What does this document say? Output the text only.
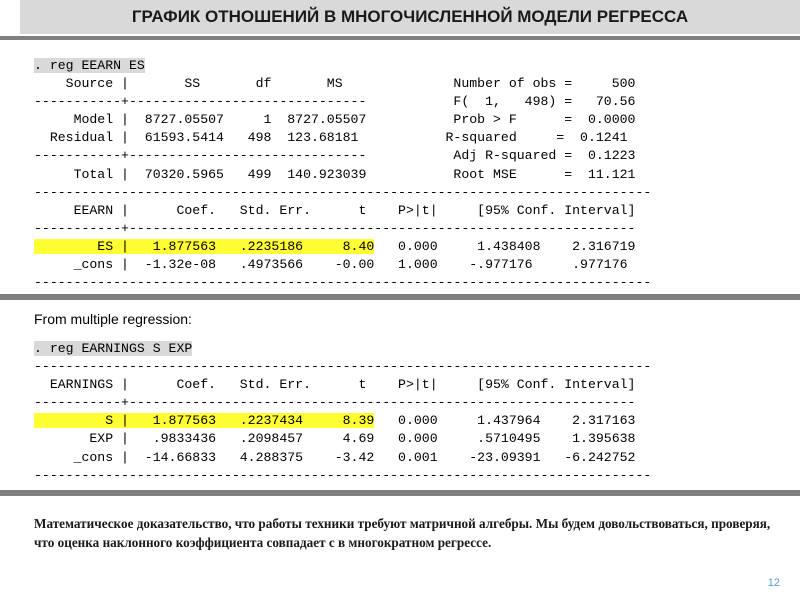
ГРАФИК ОТНОШЕНИЙ В МНОГОЧИСЛЕННОЙ МОДЕЛИ РЕГРЕССА
. reg EEARN ES
Source |       SS       df       MS              Number of obs =     500
-----------+------------------------------           F(  1,   498) =   70.56
Model |  8727.05507     1  8727.05507           Prob > F      =  0.0000
Residual |  61593.5414   498  123.68181           R-squared     =  0.1241
-----------+------------------------------           Adj R-squared =  0.1223
Total |  70320.5965   499  140.923039           Root MSE      =  11.121
------------------------------------------------------------------------------
EEARN |      Coef.   Std. Err.      t    P>|t|     [95% Conf. Interval]
-----------+----------------------------------------------------------------
ES |   1.877563   .2235186     8.40   0.000     1.438408    2.316719
_cons |  -1.32e-08   .4973566    -0.00   1.000    -.977176     .977176
------------------------------------------------------------------------------

From multiple regression:

. reg EARNINGS S EXP
------------------------------------------------------------------------------
EARNINGS |      Coef.   Std. Err.      t    P>|t|     [95% Conf. Interval]
-----------+----------------------------------------------------------------
S |   1.877563   .2237434     8.39   0.000     1.437964    2.317163
EXP |   .9833436   .2098457     4.69   0.000     .5710495    1.395638
_cons |  -14.66833   4.288375    -3.42   0.001    -23.09391   -6.242752
------------------------------------------------------------------------------

Математическое доказательство, что работы техники требуют матричной алгебры. Мы будем довольствоваться, проверяя, что оценка наклонного коэффициента совпадает с в многократном регрессе.

12
